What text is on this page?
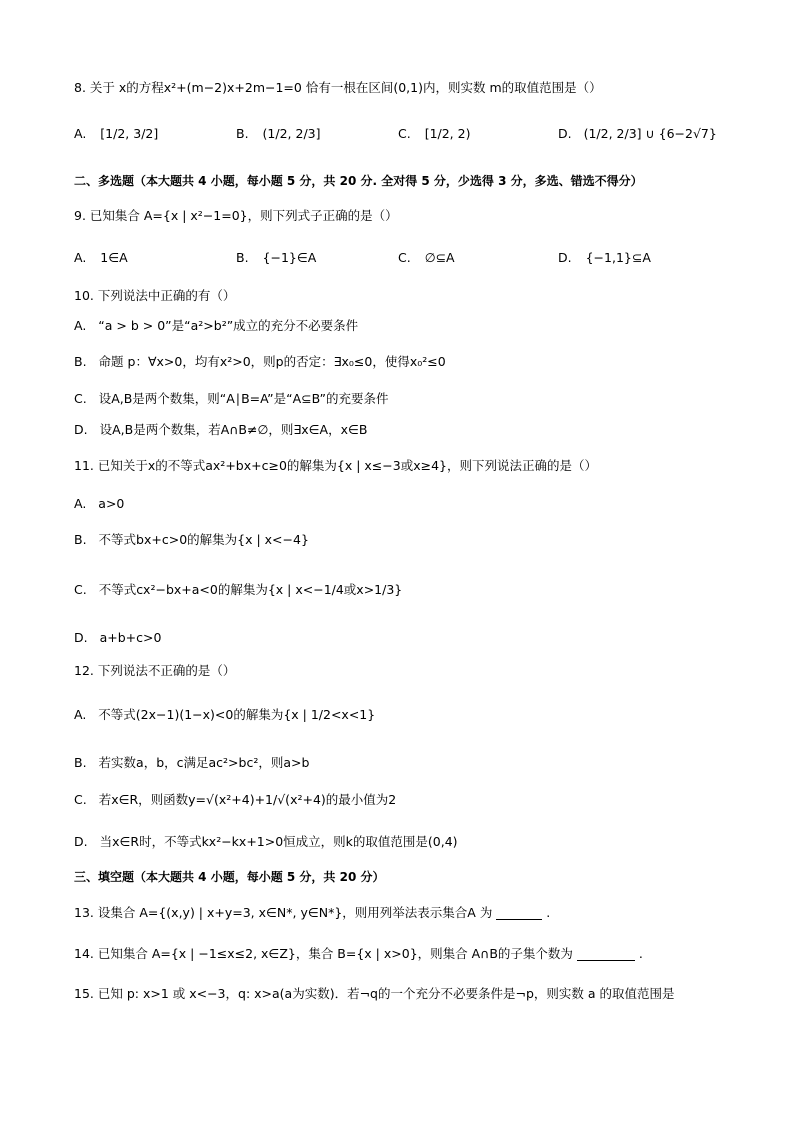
8. 关于 x的方程x²+(m−2)x+2m−1=0 恰有一根在区间(0,1)内，则实数 m的取值范围是（）
A. [1/2, 3/2]	B. (1/2, 2/3]	C. [1/2, 2)	D. (1/2, 2/3] ∪ {6−2√7}
二、多选题（本大题共 4 小题，每小题 5 分，共 20 分. 全对得 5 分，少选得 3 分，多选、错选不得分）
9. 已知集合 A={x | x²−1=0}，则下列式子正确的是（）
A. 1∈A	B. {−1}∈A	C. ∅⊆A	D. {−1,1}⊆A
10. 下列说法中正确的有（）
A. “a > b > 0”是“a²>b²”成立的充分不必要条件
B. 命题 p：∀x>0，均有x²>0，则p的否定：∃x₀≤0，使得x₀²≤0
C. 设A,B是两个数集，则“A∣B=A”是“A⊆B”的充要条件
D. 设A,B是两个数集，若A∩B≠∅，则∃x∈A，x∈B
11. 已知关于x的不等式ax²+bx+c≥0的解集为{x | x≤−3或x≥4}，则下列说法正确的是（）
A. a>0
B. 不等式bx+c>0的解集为{x | x<−4}
C. 不等式cx²−bx+a<0的解集为{x | x<−1/4或x>1/3}
D. a+b+c>0
12. 下列说法不正确的是（）
A. 不等式(2x−1)(1−x)<0的解集为{x | 1/2<x<1}
B. 若实数a，b，c满足ac²>bc²，则a>b
C. 若x∈R，则函数y=√(x²+4)+1/√(x²+4)的最小值为2
D. 当x∈R时，不等式kx²−kx+1>0恒成立，则k的取值范围是(0,4)
三、填空题（本大题共 4 小题，每小题 5 分，共 20 分）
13. 设集合 A={(x,y) | x+y=3, x∈N*, y∈N*}，则用列举法表示集合A 为	.
14. 已知集合 A={x | −1≤x≤2, x∈Z}，集合 B={x | x>0}，则集合 A∩B的子集个数为	.
15. 已知 p: x>1 或 x<−3，q: x>a(a为实数)．若¬q的一个充分不必要条件是¬p，则实数 a 的取值范围是
